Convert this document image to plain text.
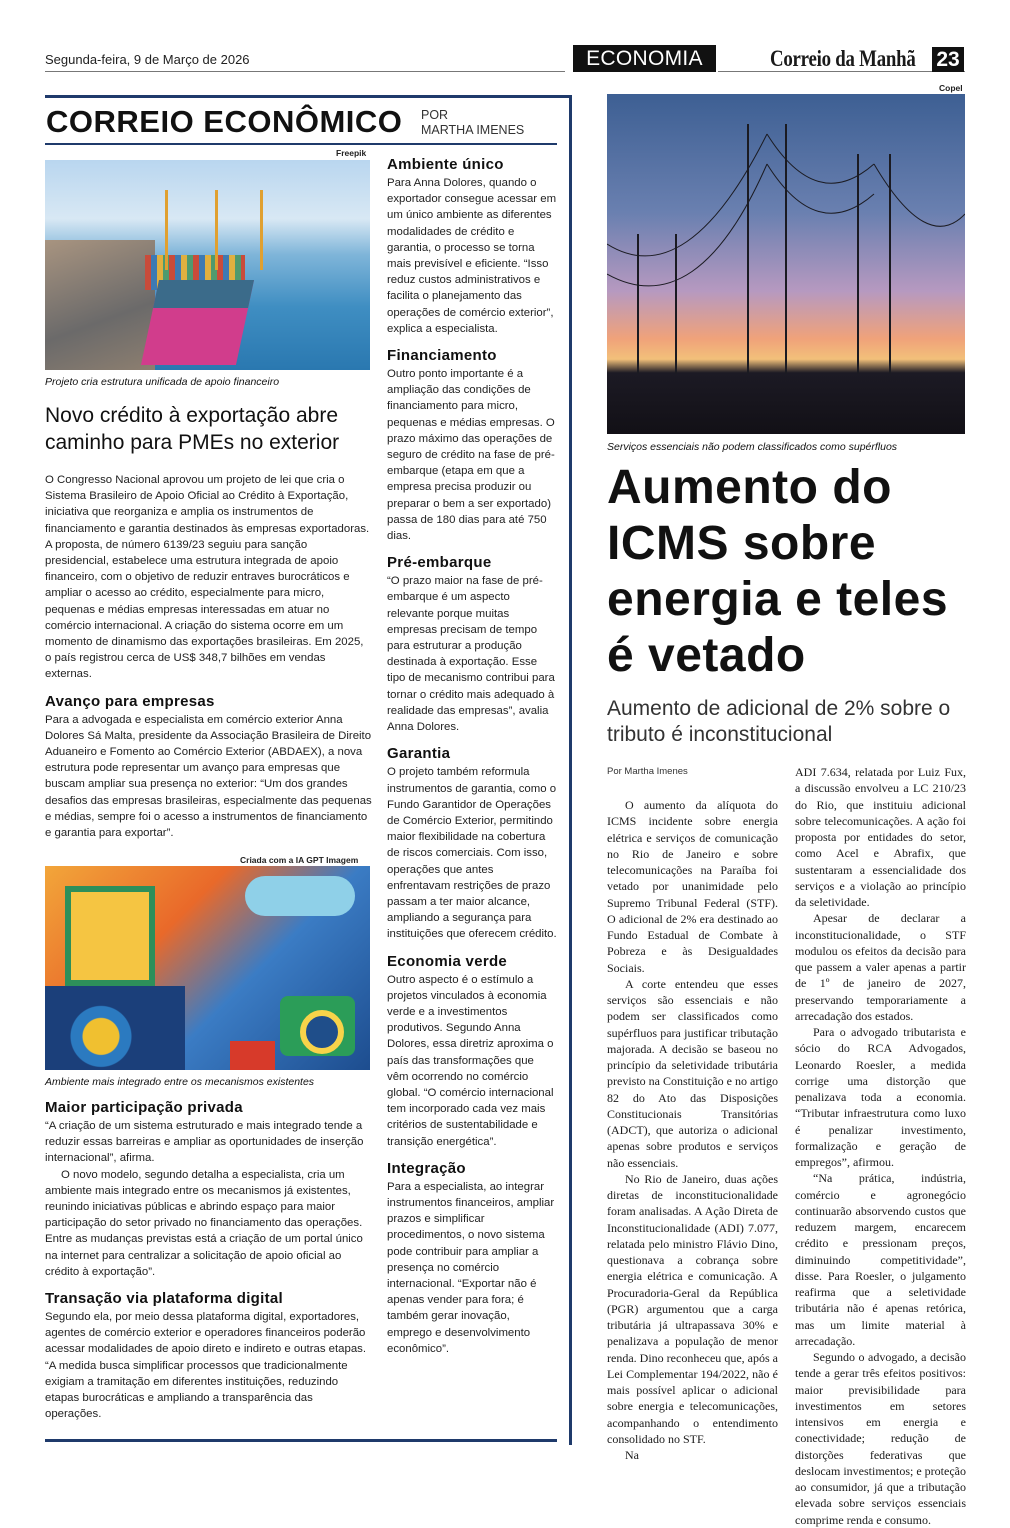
Segunda-feira, 9 de Março de 2026	ECONOMIA	Correio da Manhã 23
CORREIO ECONÔMICO POR
MARTHA IMENES
Freepik
Projeto cria estrutura unificada de apoio financeiro
Novo crédito à exportação abre caminho para PMEs no exterior

O Congresso Nacional aprovou um projeto de lei que cria o Sistema Brasileiro de Apoio Oficial ao Crédito à Exportação, iniciativa que reorganiza e amplia os instrumentos de financiamento e garantia destinados às empresas exportadoras. A proposta, de número 6139/23 seguiu para sanção presidencial, estabelece uma estrutura integrada de apoio financeiro, com o objetivo de reduzir entraves burocráticos e ampliar o acesso ao crédito, especialmente para micro, pequenas e médias empresas interessadas em atuar no comércio internacional. A criação do sistema ocorre em um momento de dinamismo das exportações brasileiras. Em 2025, o país registrou cerca de US$ 348,7 bilhões em vendas externas.

Avanço para empresas

Para a advogada e especialista em comércio exterior Anna Dolores Sá Malta, presidente da Associação Brasileira de Direito Aduaneiro e Fomento ao Comércio Exterior (ABDAEX), a nova estrutura pode representar um avanço para empresas que buscam ampliar sua presença no exterior: “Um dos grandes desafios das empresas brasileiras, especialmente das pequenas e médias, sempre foi o acesso a instrumentos de financiamento e garantia para exportar”.

Criada com a IA GPT Imagem
Ambiente mais integrado entre os mecanismos existentes
Maior participação privada

“A criação de um sistema estruturado e mais integrado tende a reduzir essas barreiras e ampliar as oportunidades de inserção internacional”, afirma.

O novo modelo, segundo detalha a especialista, cria um ambiente mais integrado entre os mecanismos já existentes, reunindo iniciativas públicas e abrindo espaço para maior participação do setor privado no financiamento das operações. Entre as mudanças previstas está a criação de um portal único na internet para centralizar a solicitação de apoio oficial ao crédito à exportação”.

Transação via plataforma digital

Segundo ela, por meio dessa plataforma digital, exportadores, agentes de comércio exterior e operadores financeiros poderão acessar modalidades de apoio direto e indireto e outras etapas. “A medida busca simplificar processos que tradicionalmente exigiam a tramitação em diferentes instituições, reduzindo etapas burocráticas e ampliando a transparência das operações.

Ambiente único

Para Anna Dolores, quando o exportador consegue acessar em um único ambiente as diferentes modalidades de crédito e garantia, o processo se torna mais previsível e eficiente. “Isso reduz custos administrativos e facilita o planejamento das operações de comércio exterior”, explica a especialista.

Financiamento

Outro ponto importante é a ampliação das condições de financiamento para micro, pequenas e médias empresas. O prazo máximo das operações de seguro de crédito na fase de pré-embarque (etapa em que a empresa precisa produzir ou preparar o bem a ser exportado) passa de 180 dias para até 750 dias.

Pré-embarque

“O prazo maior na fase de pré-embarque é um aspecto relevante porque muitas empresas precisam de tempo para estruturar a produção destinada à exportação. Esse tipo de mecanismo contribui para tornar o crédito mais adequado à realidade das empresas”, avalia Anna Dolores.

Garantia

O projeto também reformula instrumentos de garantia, como o Fundo Garantidor de Operações de Comércio Exterior, permitindo maior flexibilidade na cobertura de riscos comerciais. Com isso, operações que antes enfrentavam restrições de prazo passam a ter maior alcance, ampliando a segurança para instituições que oferecem crédito.

Economia verde

Outro aspecto é o estímulo a projetos vinculados à economia verde e a investimentos produtivos. Segundo Anna Dolores, essa diretriz aproxima o país das transformações que vêm ocorrendo no comércio global. “O comércio internacional tem incorporado cada vez mais critérios de sustentabilidade e transição energética”.

Integração

Para a especialista, ao integrar instrumentos financeiros, ampliar prazos e simplificar procedimentos, o novo sistema pode contribuir para ampliar a presença no comércio internacional. “Exportar não é apenas vender para fora; é também gerar inovação, emprego e desenvolvimento econômico”.

Copel
Serviços essenciais não podem classificados como supérfluos
Aumento do ICMS sobre energia e teles é vetado
Aumento de adicional de 2% sobre o tributo é inconstitucional
Por Martha Imenes

O aumento da alíquota do ICMS incidente sobre energia elétrica e serviços de comunicação no Rio de Janeiro e sobre telecomunicações na Paraíba foi vetado por unanimidade pelo Supremo Tribunal Federal (STF). O adicional de 2% era destinado ao Fundo Estadual de Combate à Pobreza e às Desigualdades Sociais.

A corte entendeu que esses serviços são essenciais e não podem ser classificados como supérfluos para justificar tributação majorada. A decisão se baseou no princípio da seletividade tributária previsto na Constituição e no artigo 82 do Ato das Disposições Constitucionais Transitórias (ADCT), que autoriza o adicional apenas sobre produtos e serviços não essenciais.

No Rio de Janeiro, duas ações diretas de inconstitucionalidade foram analisadas. A Ação Direta de Inconstitucionalidade (ADI) 7.077, relatada pelo ministro Flávio Dino, questionava a cobrança sobre energia elétrica e comunicação. A Procuradoria-Geral da República (PGR) argumentou que a carga tributária já ultrapassava 30% e penalizava a população de menor renda. Dino reconheceu que, após a Lei Complementar 194/2022, não é mais possível aplicar o adicional sobre energia e telecomunicações, acompanhando o entendimento consolidado no STF.

Na

ADI 7.634, relatada por Luiz Fux, a discussão envolveu a LC 210/23 do Rio, que instituiu adicional sobre telecomunicações. A ação foi proposta por entidades do setor, como Acel e Abrafix, que sustentaram a essencialidade dos serviços e a violação ao princípio da seletividade.

Apesar de declarar a inconstitucionalidade, o STF modulou os efeitos da decisão para que passem a valer apenas a partir de 1º de janeiro de 2027, preservando temporariamente a arrecadação dos estados.

Para o advogado tributarista e sócio do RCA Advogados, Leonardo Roesler, a medida corrige uma distorção que penalizava toda a economia. “Tributar infraestrutura como luxo é penalizar investimento, formalização e geração de empregos”, afirmou.

“Na prática, indústria, comércio e agronegócio continuarão absorvendo custos que reduzem margem, encarecem crédito e pressionam preços, diminuindo competitividade”, disse. Para Roesler, o julgamento reafirma que a seletividade tributária não é apenas retórica, mas um limite material à arrecadação.

Segundo o advogado, a decisão tende a gerar três efeitos positivos: maior previsibilidade para investimentos em setores intensivos em energia e conectividade; redução de distorções federativas que deslocam investimentos; e proteção ao consumidor, já que a tributação elevada sobre serviços essenciais comprime renda e consumo.
